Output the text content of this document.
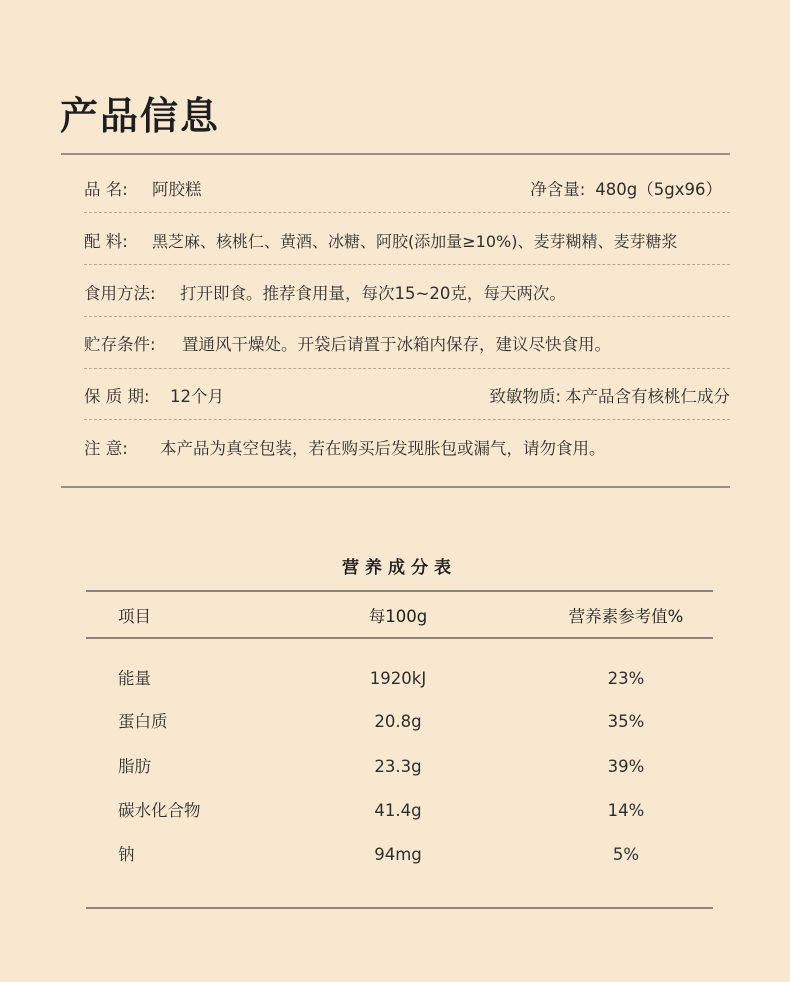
产品信息
品 名:	阿胶糕	净含量: 480g（5gx96）
配 料:	黑芝麻、核桃仁、黄酒、冰糖、阿胶(添加量≥10%)、麦芽糊精、麦芽糖浆
食用方法:	打开即食。推荐食用量，每次15~20克，每天两次。
贮存条件:	置通风干燥处。开袋后请置于冰箱内保存，建议尽快食用。
保 质 期:	12个月	致敏物质: 本产品含有核桃仁成分
注 意:	本产品为真空包装，若在购买后发现胀包或漏气，请勿食用。
营养成分表
项目	每100g	营养素参考值%
能量	1920kJ	23%
蛋白质	20.8g	35%
脂肪	23.3g	39%
碳水化合物	41.4g	14%
钠	94mg	5%
